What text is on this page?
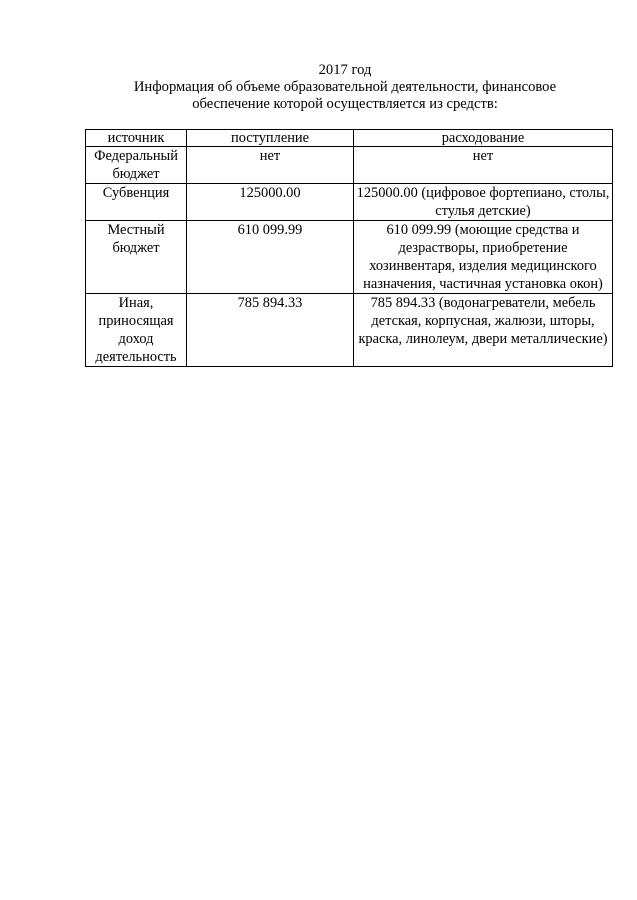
2017 год
Информация об объеме образовательной деятельности, финансовое
обеспечение которой осуществляется из средств:
источник	поступление	расходование
Федеральный бюджет	нет	нет
Субвенция	125000.00	125000.00 (цифровое фортепиано, столы, стулья детские)
Местный бюджет	610 099.99	610 099.99 (моющие средства и дезрастворы, приобретение хозинвентаря, изделия медицинского назначения, частичная установка окон)
Иная, приносящая доход деятельность	785 894.33	785 894.33 (водонагреватели, мебель детская, корпусная, жалюзи, шторы, краска, линолеум, двери металлические)
